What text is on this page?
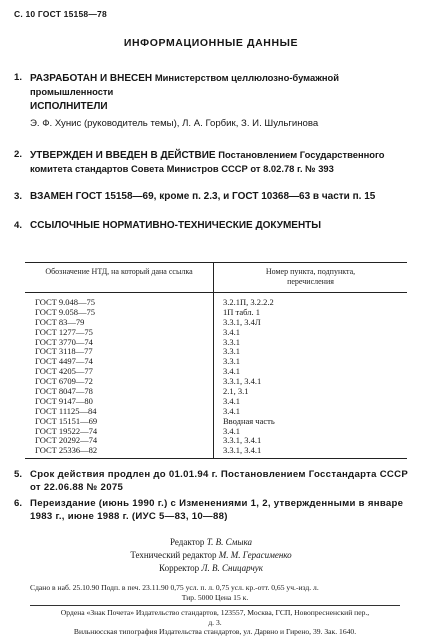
С. 10 ГОСТ 15158—78
ИНФОРМАЦИОННЫЕ ДАННЫЕ
1. РАЗРАБОТАН И ВНЕСЕН Министерством целлюлозно-бумажной промышленности
ИСПОЛНИТЕЛИ
Э. Ф. Хунис (руководитель темы), Л. А. Горбик, З. И. Шульгинова
2. УТВЕРЖДЕН И ВВЕДЕН В ДЕЙСТВИЕ Постановлением Государственного комитета стандартов Совета Министров СССР от 8.02.78 г. № 393
3. ВЗАМЕН ГОСТ 15158—69, кроме п. 2.3, и ГОСТ 10368—63 в части п. 15
4. ССЫЛОЧНЫЕ НОРМАТИВНО-ТЕХНИЧЕСКИЕ ДОКУМЕНТЫ
Обозначение НТД, на который дана ссылка	Номер пункта, подпункта, перечисления
ГОСТ 9.048—75	3.2.1П, 3.2.2.2
ГОСТ 9.058—75	1П табл. 1
ГОСТ 83—79	3.3.1, 3.4Л
ГОСТ 1277—75	3.4.1
ГОСТ 3770—74	3.3.1
ГОСТ 3118—77	3.3.1
ГОСТ 4497—74	3.3.1
ГОСТ 4205—77	3.4.1
ГОСТ 6709—72	3.3.1, 3.4.1
ГОСТ 8047—78	2.1, 3.1
ГОСТ 9147—80	3.4.1
ГОСТ 11125—84	3.4.1
ГОСТ 15151—69	Вводная часть
ГОСТ 19522—74	3.4.1
ГОСТ 20292—74	3.3.1, 3.4.1
ГОСТ 25336—82	3.3.1, 3.4.1
5. Срок действия продлен до 01.01.94 г. Постановлением Госстандарта СССР от 22.06.88 № 2075
6. Переиздание (июнь 1990 г.) с Изменениями 1, 2, утвержденными в январе 1983 г., июне 1988 г. (ИУС 5—83, 10—88)
Редактор Т. В. Смыка
Технический редактор М. М. Герасименко
Корректор Л. В. Сницарчук
Сдано в наб. 25.10.90 Подп. в печ. 23.11.90 0,75 усл. п. л. 0,75 усл. кр.-отт. 0,65 уч.-изд. л.
Тир. 5000 Цена 15 к.
Ордена «Знак Почета» Издательство стандартов, 123557, Москва, ГСП, Новопресненский пер., д. 3.
Вильнюсская типография Издательства стандартов, ул. Дарвно и Гирено, 39. Зак. 1640.
